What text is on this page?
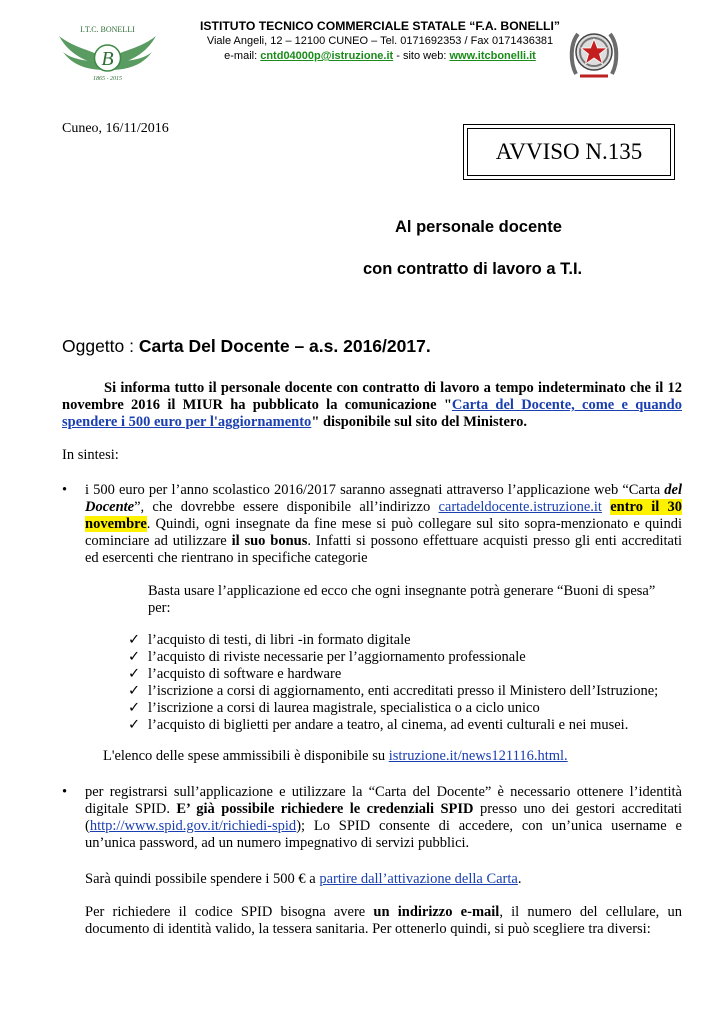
B
I.T.C. BONELLI
1865 - 2015
ISTITUTO TECNICO COMMERCIALE STATALE “F.A. BONELLI”
Viale Angeli, 12 – 12100 CUNEO – Tel. 0171692353 / Fax 0171436381
e-mail: cntd04000p@istruzione.it - sito web: www.itcbonelli.it
Cuneo, 16/11/2016
AVVISO N.135
Al personale docente
con contratto di lavoro a T.I.
Oggetto : Carta Del Docente – a.s. 2016/2017.
Si informa tutto il personale docente con contratto di lavoro a tempo indeterminato che il 12 novembre 2016 il MIUR ha pubblicato la comunicazione "Carta del Docente, come e quando spendere i 500 euro per l'aggiornamento" disponibile sul sito del Ministero.
In sintesi:
• i 500 euro per l’anno scolastico 2016/2017 saranno assegnati attraverso l’applicazione web “Carta del Docente”, che dovrebbe essere disponibile all’indirizzo cartadeldocente.istruzione.it entro il 30 novembre. Quindi, ogni insegnate da fine mese si può collegare sul sito sopra-menzionato e quindi cominciare ad utilizzare il suo bonus. Infatti si possono effettuare acquisti presso gli enti accreditati ed esercenti che rientrano in specifiche categorie
Basta usare l’applicazione ed ecco che ogni insegnante potrà generare “Buoni di spesa” per:
✓ l’acquisto di testi, di libri -in formato digitale
✓ l’acquisto di riviste necessarie per l’aggiornamento professionale
✓ l’acquisto di software e hardware
✓ l’iscrizione a corsi di aggiornamento, enti accreditati presso il Ministero dell’Istruzione;
✓ l’iscrizione a corsi di laurea magistrale, specialistica o a ciclo unico
✓ l’acquisto di biglietti per andare a teatro, al cinema, ad eventi culturali e nei musei.
L'elenco delle spese ammissibili è disponibile su istruzione.it/news121116.html.
• per registrarsi sull’applicazione e utilizzare la “Carta del Docente” è necessario ottenere l’identità digitale SPID. E’ già possibile richiedere le credenziali SPID presso uno dei gestori accreditati (http://www.spid.gov.it/richiedi-spid); Lo SPID consente di accedere, con un’unica username e un’unica password, ad un numero impegnativo di servizi pubblici.
Sarà quindi possibile spendere i 500 € a partire dall’attivazione della Carta.
Per richiedere il codice SPID bisogna avere un indirizzo e-mail, il numero del cellulare, un documento di identità valido, la tessera sanitaria. Per ottenerlo quindi, si può scegliere tra diversi:
